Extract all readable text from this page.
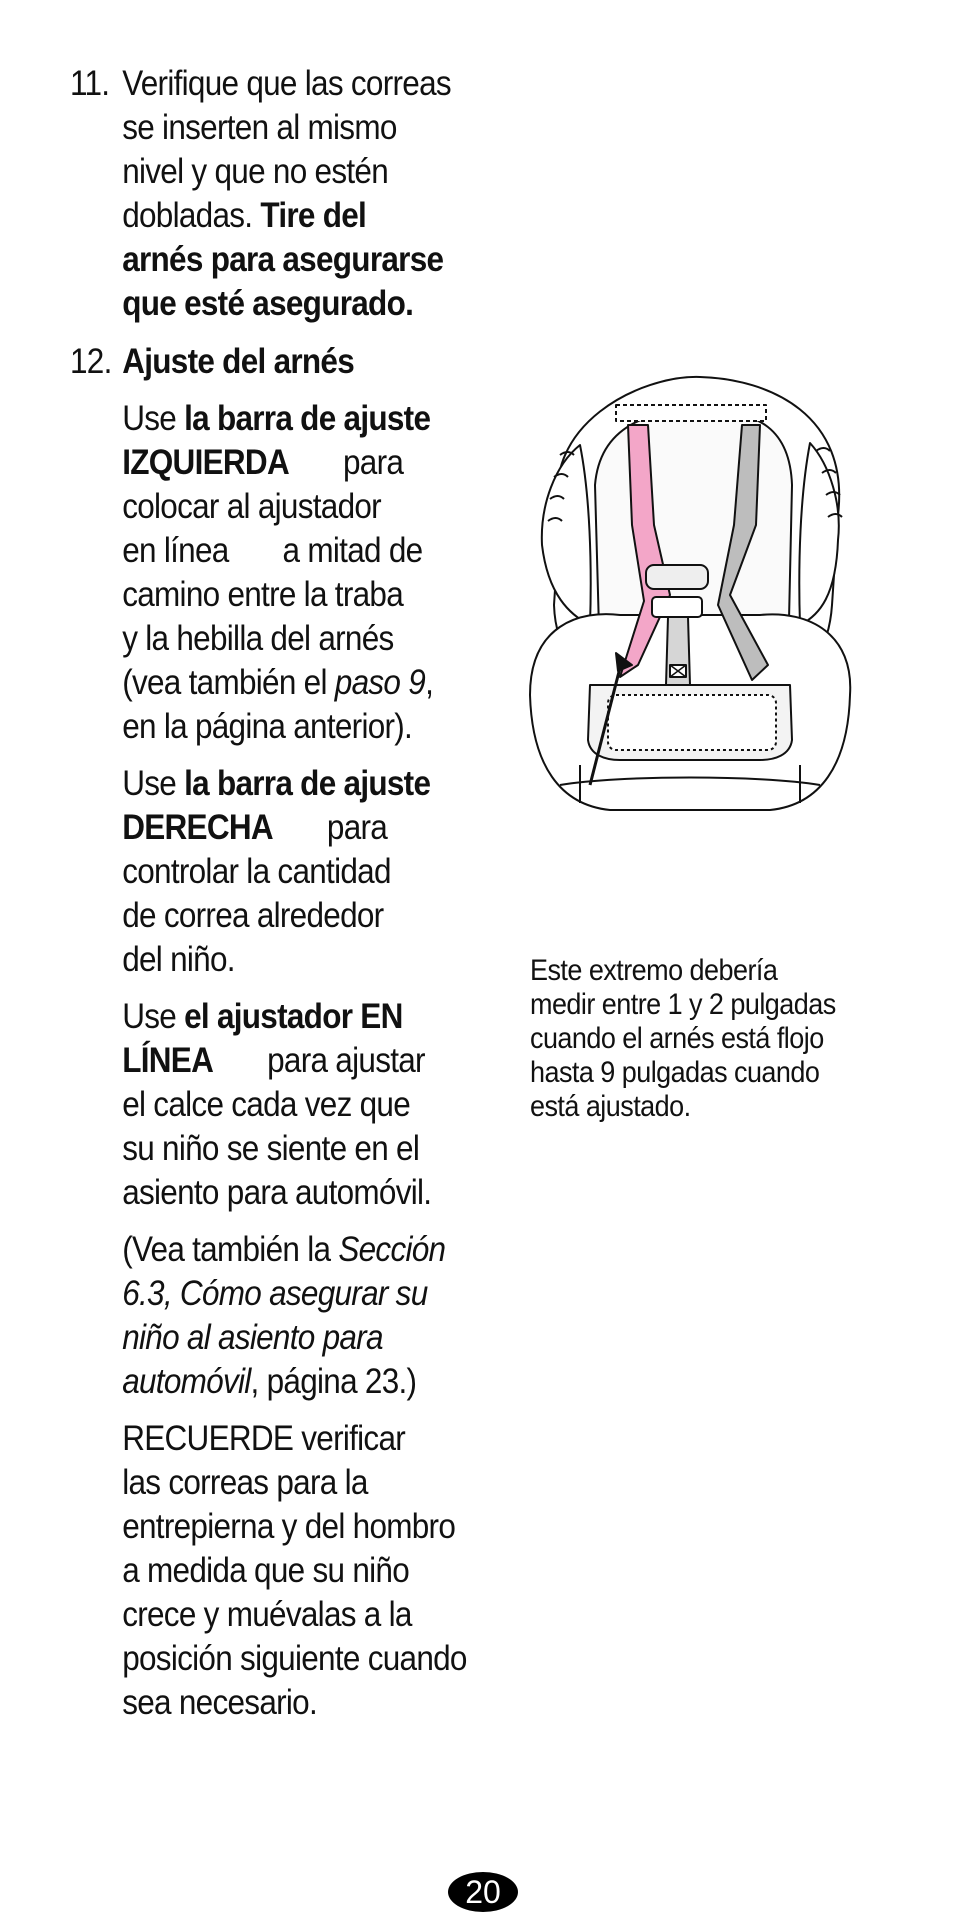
11. Verifique que las correas

se inserten al mismo

nivel y que no estén

dobladas. Tire del

arnés para asegurarse

que esté asegurado.

12. Ajuste del arnés

Use la barra de ajuste

IZQUIERDA para

colocar al ajustador

en línea a mitad de

camino entre la traba

y la hebilla del arnés

(vea también el paso 9,

en la página anterior).

Use la barra de ajuste

DERECHA para

controlar la cantidad

de correa alrededor

del niño.

Use el ajustador EN

LÍNEA para ajustar

el calce cada vez que

su niño se siente en el

asiento para automóvil.

(Vea también la Sección

6.3, Cómo asegurar su

niño al asiento para

automóvil, página 23.)

RECUERDE verificar

las correas para la

entrepierna y del hombro

a medida que su niño

crece y muévalas a la

posición siguiente cuando

sea necesario.

Este extremo debería

medir entre 1 y 2 pulgadas

cuando el arnés está flojo

hasta 9 pulgadas cuando

está ajustado.

20
